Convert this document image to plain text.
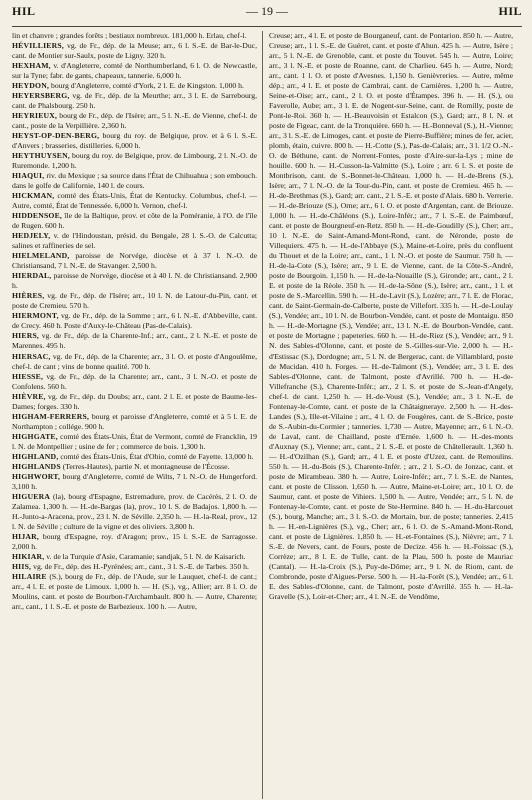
HIL	— 19 —	HIL

lin et chanvre ; grandes forêts ; bestiaux nombreux. 181,000 h. Erlau, chef-l.

HÉVILLIERS, vg. de Fr., dép. de la Meuse; arr., 6 l. S.-E. de Bar-le-Duc, cant. de Montier sur-Saulx, poste de Ligny. 320 h.

HEXHAM, v. d'Angleterre, comté de Northumberland, 6 l. O. de Newcastle, sur la Tyne; fabr. de gants, chapeaux, tannerie. 6,000 h.

HEYDON, bourg d'Angleterre, comté d'York, 2 l. E. de Kingston. 1,000 h.

HEYERSBERG, vg. de Fr., dép. de la Meurthe; arr., 3 l. E. de Sarrebourg, cant. de Phalsbourg. 250 h.

HEYRIEUX, bourg de Fr., dép. de l'Isère; arr., 5 l. N.-E. de Vienne, chef-l. de cant., poste de la Verpillière. 2,360 h.

HEYST-OP-DEN-BERG, bourg du roy. de Belgique, prov. et à 6 l. S.-E. d'Anvers ; brasseries, distilleries. 6,000 h.

HEYTHUYSEN, bourg du roy. de Belgique, prov. de Limbourg, 2 l. N.-O. de Ruremonde. 1,200 h.

HIAQUI, riv. du Mexique ; sa source dans l'État de Chihuahua ; son embouch. dans le golfe de Californie, 140 l. de cours.

HICKMAN, comté des États-Unis, État de Kentucky. Columbus, chef-l. — Autre, comté, État de Tennessée. 6,000 h. Vernon, chef-l.

HIDDENSOE, île de la Baltique, prov. et côte de la Poméranie, à l'O. de l'île de Rugen. 600 h.

HEDJELY, v. de l'Hindoustan, présid. du Bengale, 28 l. S.-O. de Calcutta; salines et raffineries de sel.

HIELMELAND, paroisse de Norvége, diocèse et à 37 l. N.-O. de Christiansand, 7 l. N.-E. de Stavanger. 2,500 h.

HIERDAL, paroisse de Norvége, diocèse et à 40 l. N. de Christiansand. 2,900 h.

HIÈRES, vg. de Fr., dép. de l'Isère; arr., 10 l. N. de Latour-du-Pin, cant. et poste de Cremieu. 570 h.

HIERMONT, vg. de Fr., dép. de la Somme ; arr., 6 l. N.-E. d'Abbeville, cant. de Crecy. 460 h. Poste d'Auxy-le-Château (Pas-de-Calais).

HIERS, vg. de Fr., dép. de la Charente-Inf.; arr., cant., 2 l. N.-E. et poste de Marennes. 495 h.

HIERSAC, vg. de Fr., dép. de la Charente; arr., 3 l. O. et poste d'Angoulême, chef-l. de cant ; vins de bonne qualité. 700 h.

HIESSE, vg. de Fr., dép. de la Charente; arr., cant., 3 l. N.-O. et poste de Confolens. 560 h.

HIÈVRE, vg. de Fr., dép. du Doubs; arr., cant. 2 l. E. et poste de Baume-les-Dames; forges. 330 h.

HIGHAM-FERRERS, bourg et paroisse d'Angleterre, comté et à 5 l. E. de Northampton ; collége. 900 h.

HIGHGATE, comté des États-Unis, État de Vermont, comté de Francklin, 19 l. N. de Montpellier ; usine de fer ; commerce de bois. 1,300 h.

HIGHLAND, comté des États-Unis, État d'Ohio, comté de Fayette. 13,000 h.

HIGHLANDS (Terres-Hautes), partie N. et montagneuse de l'Écosse.

HIGHWORT, bourg d'Angleterre, comté de Wilts, 7 l. N.-O. de Hungerford. 3,100 h.

HIGUERA (la), bourg d'Espagne, Estremadure, prov. de Cacérès, 2 l. O. de Zalamea. 1,300 h. — H.-de-Bargas (la), prov., 10 l. S. de Badajos. 1,800 h. — H.-Junto-a-Aracena, prov., 23 l. N. de Séville. 2,350 h. — H.-la-Real, prov., 12 l. N. de Séville ; culture de la vigne et des oliviers. 3,800 h.

HIJAR, bourg d'Espagne, roy. d'Aragon; prov., 15 l. S.-E. de Sarragosse. 2,000 h.

HIKIAR, v. de la Turquie d'Asie, Caramanie; sandjak, 5 l. N. de Kaisarich.

HIIS, vg. de Fr., dép. des H.-Pyrénées; arr., cant., 3 l. S.-E. de Tarbes. 350 h.

HILAIRE (S.), bourg de Fr., dép. de l'Aude, sur le Lauquet, chef-l. de cant.; arr., 4 l. E. et poste de Limoux. 1,000 h. — H. (S.), vg., Allier; arr. 8 l. O. de Moulins, cant. et poste de Bourbon-l'Archambault. 800 h. — Autre, Charente; arr., cant., 1 l. S.-E. et poste de Barbezieux. 100 h. — Autre,

Creuse; arr., 4 l. E. et poste de Bourganeuf, cant. de Pontarion. 850 h. — Autre, Creuse; arr., 1 l. S.-E. de Guéret, cant. et poste d'Ahun. 425 h. — Autre, Isère ; arr., 5 l. N.-E. de Grenoble, cant. et poste du Touvet. 545 h. — Autre, Loire; arr., 3 l. N.-E. et poste de Roanne, cant. de Charlieu. 645 h. — Autre, Nord; arr., cant. 1 l. O. et poste d'Avesnes. 1,150 h. Genièvreries. — Autre, même dép.; arr., 4 l. E. et poste de Cambrai, cant. de Carnières. 1,200 h. — Autre, Seine-et-Oise; arr., cant., 2 l. O. et poste d'Étampes. 396 h. — H. (S.), ou Faverolle, Aube; arr., 3 l. E. de Nogent-sur-Seine, cant. de Romilly, poste de Pont-le-Roi. 360 h. — H.-Beauvoisin et Estalcon (S.), Gard; arr., 8 l. N. et poste de Figeac, cant. de la Tronquière. 660 h. — H.-Bonneval (S.), H.-Vienne; arr., 3 l. S.-E. de Limoges, cant. et poste de Pierre-Buffière; mines de fer, acier, plomb, étain, cuivre. 800 h. — H.-Cotte (S.), Pas-de-Calais; arr., 3 l. 1/2 O.-N.-O. de Béthune, cant. de Norrent-Fontes, poste d'Aire-sur-la-Lys ; mine de houille. 600 h. — H.-Cusson-la-Valmitte (S.), Loire ; arr. 6 l. S. et poste de Montbrison, cant. de S.-Bonnet-le-Château. 1,000 h. — H.-de-Brens (S.), Isère; arr., 7 l. N.-O. de la Tour-du-Pin, cant. et poste de Cremieu. 465 h. — H.-de-Brethmas (S.), Gard; arr. cant., 2 l. S.-E. et poste d'Alais. 680 h. Verrerie. — H.-de-Briouze (S.), Orne; arr., 6 l. O. et poste d'Argentan, cant. de Briouze. 1,000 h. — H.-de-Châléons (S.), Loire-Infér.; arr., 7 l. S.-E. de Paimbœuf, cant. et poste de Bourgneuf-en-Retz. 850 h. — H.-de-Goudilly (S.), Cher; arr., 10 l. N.-E. de Saint-Amand-Mont-Rond, cant. de Néronde, poste de Villequiers. 475 h. — H.-de-l'Abbaye (S.), Maine-et-Loire, près du confluent du Thouet et de la Loire; arr., cant., 1 l. N.-O. et poste de Saumur. 750 h. — H.-de-la-Cote (S.), Isère; arr., 9 l. E. de Vienne, cant. de la Côte-S.-André, poste de Bourgoin. 1,150 h. — H.-de-la-Nouaille (S.), Gironde; arr., cant., 2 l. E. et poste de la Réole. 350 h. — H.-de-la-Sône (S.), Isère; arr., cant., 1 l. et poste de S.-Marcellin. 590 h. — H.-de-Lavit (S.), Lozère; arr., 7 l. E. de Florac, cant. de Saint-Germain-de-Calberte, poste de Villefort. 335 h. — H.-de-Loulay (S.), Vendée; arr., 10 l. N. de Bourbon-Vendée, cant. et poste de Montaigu. 850 h. — H.-de-Mortagne (S.), Vendée; arr., 13 l. N.-E. de Bourbon-Vendée, cant. et poste de Mortagne ; papeteries. 660 h. — H.-de-Riez (S.), Vendée; arr., 9 l. N. des Sables-d'Olonne, cant. et poste de S.-Gilles-sur-Vie. 2,000 h. — H.-d'Estissac (S.), Dordogne; arr., 5 l. N. de Bergerac, cant. de Villamblard, poste de Mucidan. 410 h. Forges. — H.-de-Talmont (S.), Vendée; arr., 3 l. E. des Sables-d'Olonne, cant. de Talmont, poste d'Avrillé. 700 h. — H.-de-Villefranche (S.), Charente-Infér.; arr., 2 l. S. et poste de S.-Jean-d'Angely, chef-l. de cant. 1,250 h. — H.-de-Voust (S.), Vendée; arr., 3 l. N.-E. de Fontenay-le-Comte, cant. et poste de la Châtaigneraye. 2,500 h. — H.-des-Landes (S.), Ille-et-Vilaine ; arr., 4 l. O. de Fougères, cant. de S.-Brice, poste de S.-Aubin-du-Cormier ; tanneries. 1,730 — Autre, Mayenne; arr., 6 l. N.-O. de Laval, cant. de Chailland, poste d'Ernée. 1,600 h. — H.-des-monts d'Auxnay (S.), Vienne; arr., cant., 2 l. S.-E. et poste de Châtellerault. 1,360 h. — H.-d'Ozilhan (S.), Gard; arr., 4 l. E. et poste d'Uzez, cant. de Remoulins. 550 h. — H.-du-Bois (S.), Charente-Infér. ; arr., 2 l. S.-O. de Jonzac, cant. et poste de Mirambeau. 380 h. — Autre, Loire-Infér.; arr., 7 l. S.-E. de Nantes, cant. et poste de Clisson. 1,650 h. — Autre, Maine-et-Loire; arr., 10 l. O. de Saumur, cant. et poste de Vihiers. 1,500 h. — Autre, Vendée; arr., 5 l. N. de Fontenay-le-Comte, cant. et poste de Ste-Hermine. 840 h. — H.-du-Harcouet (S.), bourg, Manche; arr., 3 l. S.-O. de Mortain, bur. de poste; tanneries. 2,415 h. — H.-en-Lignières (S.), vg., Cher; arr., 6 l. O. de S.-Amand-Mont-Rond, cant. et poste de Lignières. 1,850 h. — H.-et-Fontaines (S.), Nièvre; arr., 7 l. S.-E. de Nevers, cant. de Fours, poste de Decize. 456 h. — H.-Foissac (S.), Corrèze; arr., 8 l. E. de Tulle, cant. de la Plau, 500 h. poste de Mauriac (Cantal). — H.-la-Croix (S.), Puy-de-Dôme; arr., 9 l. N. de Riom, cant. de Combronde, poste d'Aigues-Perse. 500 h. — H.-la-Forêt (S.), Vendée; arr., 6 l. E. des Sables-d'Olonne, cant. de Talmont, poste d'Avrillé. 355 h. — H.-la-Gravelle (S.), Loir-et-Cher; arr., 4 l. N.-E. de Vendôme,
